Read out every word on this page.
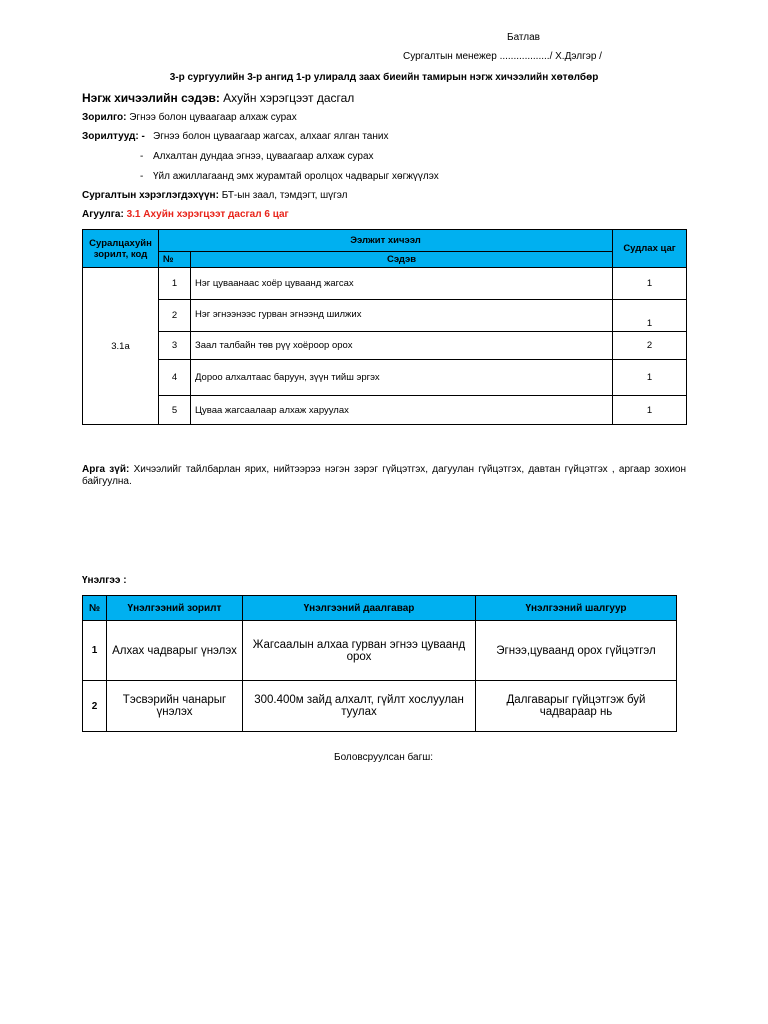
Батлав
Сургалтын менежер ................../ Х.Дэлгэр /
3-р сургуулийн 3-р ангид 1-р улиралд заах биеийн тамирын нэгж хичээлийн хөтөлбөр
Нэгж хичээлийн сэдэв: Ахуйн хэрэгцээт дасгал
Зорилго: Эгнээ болон цуваагаар алхаж сурах
Зорилтууд: - Эгнээ болон цуваагаар жагсах, алхааг ялган таних
- Алхалтан дундаа эгнээ, цуваагаар алхаж сурах
- Үйл ажиллагаанд эмх журамтай оролцох чадварыг хөгжүүлэх
Сургалтын хэрэглэгдэхүүн: БТ-ын заал, тэмдэгт, шүгэл
Агуулга: 3.1 Ахуйн хэрэгцээт дасгал 6 цаг
Суралцахуйн зорилт, код	Ээлжит хичээл		Судлах цаг
	№	Сэдэв	
3.1а	1	Нэг цуваанаас хоёр цуваанд жагсах	1
	2	Нэг эгнээнээс гурван эгнээнд шилжих	1
	3	Заал талбайн төв рүү хоёроор орох	2
	4	Дороо алхалтаас баруун, зүүн тийш эргэх	1
	5	Цуваа жагсаалаар алхаж харуулах	1
Арга зүй: Хичээлийг тайлбарлан ярих, нийтээрээ нэгэн зэрэг гүйцэтгэх, дагуулан гүйцэтгэх, давтан гүйцэтгэх , аргаар зохион байгуулна.
Үнэлгээ :
№	Үнэлгээний зорилт	Үнэлгээний даалгавар	Үнэлгээний шалгуур
1	Алхах чадварыг үнэлэх	Жагсаалын алхаа гурван эгнээ цуваанд орох	Эгнээ,цуваанд орох гүйцэтгэл
2	Тэсвэрийн чанарыг үнэлэх	300.400м зайд алхалт, гүйлт хослуулан туулах	Далгаварыг гүйцэтгэж буй чадвараар нь
Боловсруулсан багш:
